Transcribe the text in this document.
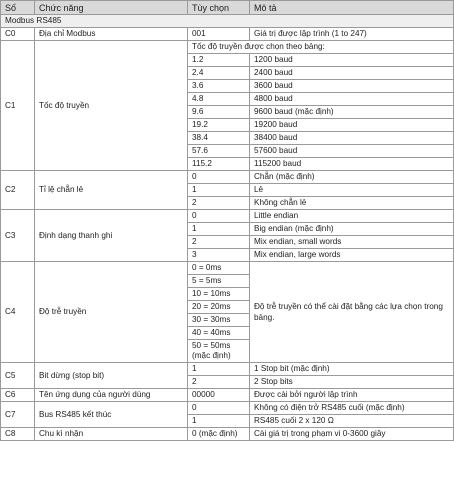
Số	Chức năng	Tùy chọn	Mô tả
Modbus RS485			
C0	Địa chỉ Modbus	001	Giá trị được lập trình (1 to 247)
C1	Tốc độ truyền	Tốc độ truyền được chọn theo bảng:	
		1.2	1200 baud
		2.4	2400 baud
		3.6	3600 baud
		4.8	4800 baud
		9.6	9600 baud (mặc định)
		19.2	19200 baud
		38.4	38400 baud
		57.6	57600 baud
		115.2	115200 baud
C2	Tỉ lệ chẵn lẻ	0	Chẵn (mặc định)
		1	Lẻ
		2	Không chẵn lẻ
C3	Định dạng thanh ghi	0	Little endian
		1	Big endian (mặc định)
		2	Mix endian, small words
		3	Mix endian, large words
C4	Độ trễ truyền	0 = 0ms	Độ trễ truyền có thể cài đặt bằng các lựa chọn trong bảng.
		5 = 5ms	
		10 = 10ms	
		20 = 20ms	
		30 = 30ms	
		40 = 40ms	
		50 = 50ms
(mặc định)	
C5	Bit dừng (stop bit)	1	1 Stop bit (mặc định)
		2	2 Stop bits
C6	Tên ứng dụng của người dùng	00000	Được cài bởi người lập trình
C7	Bus RS485 kết thúc	0	Không có điện trở RS485 cuối (mặc định)
		1	RS485 cuối 2 x 120 Ω
C8	Chu kì nhận	0 (mặc định)	Cài giá trị trong phạm vi 0-3600 giây
